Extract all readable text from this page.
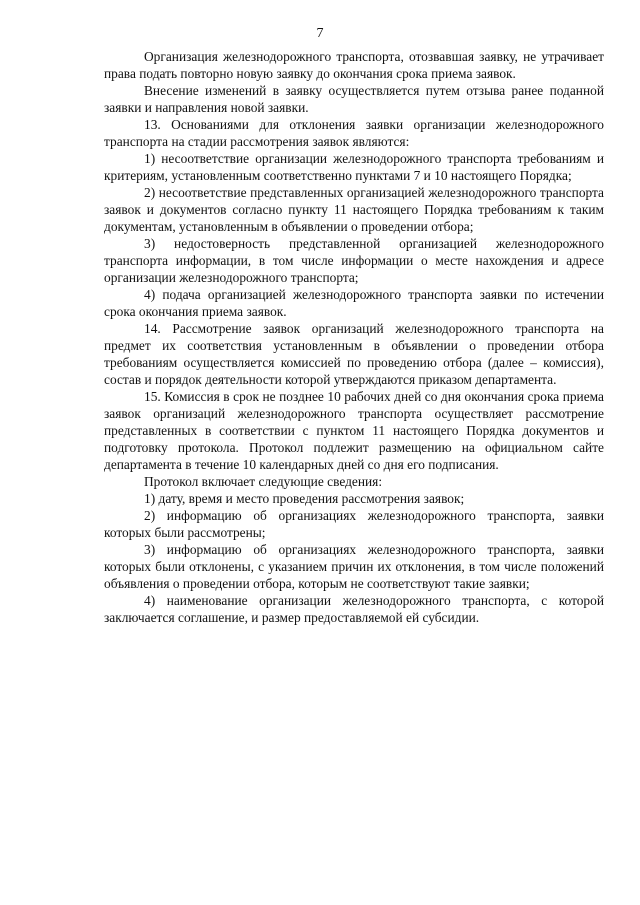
7

Организация железнодорожного транспорта, отозвавшая заявку, не утрачивает права подать повторно новую заявку до окончания срока приема заявок.

Внесение изменений в заявку осуществляется путем отзыва ранее поданной заявки и направления новой заявки.

13. Основаниями для отклонения заявки организации железнодорожного транспорта на стадии рассмотрения заявок являются:

1) несоответствие организации железнодорожного транспорта требованиям и критериям, установленным соответственно пунктами 7 и 10 настоящего Порядка;

2) несоответствие представленных организацией железнодорожного транспорта заявок и документов согласно пункту 11 настоящего Порядка требованиям к таким документам, установленным в объявлении о проведении отбора;

3) недостоверность представленной организацией железнодорожного транспорта информации, в том числе информации о месте нахождения и адресе организации железнодорожного транспорта;

4) подача организацией железнодорожного транспорта заявки по истечении срока окончания приема заявок.

14. Рассмотрение заявок организаций железнодорожного транспорта на предмет их соответствия установленным в объявлении о проведении отбора требованиям осуществляется комиссией по проведению отбора (далее – комиссия), состав и порядок деятельности которой утверждаются приказом департамента.

15. Комиссия в срок не позднее 10 рабочих дней со дня окончания срока приема заявок организаций железнодорожного транспорта осуществляет рассмотрение представленных в соответствии с пунктом 11 настоящего Порядка документов и подготовку протокола. Протокол подлежит размещению на официальном сайте департамента в течение 10 календарных дней со дня его подписания.

Протокол включает следующие сведения:

1) дату, время и место проведения рассмотрения заявок;

2) информацию об организациях железнодорожного транспорта, заявки которых были рассмотрены;

3) информацию об организациях железнодорожного транспорта, заявки которых были отклонены, с указанием причин их отклонения, в том числе положений объявления о проведении отбора, которым не соответствуют такие заявки;

4) наименование организации железнодорожного транспорта, с которой заключается соглашение, и размер предоставляемой ей субсидии.
